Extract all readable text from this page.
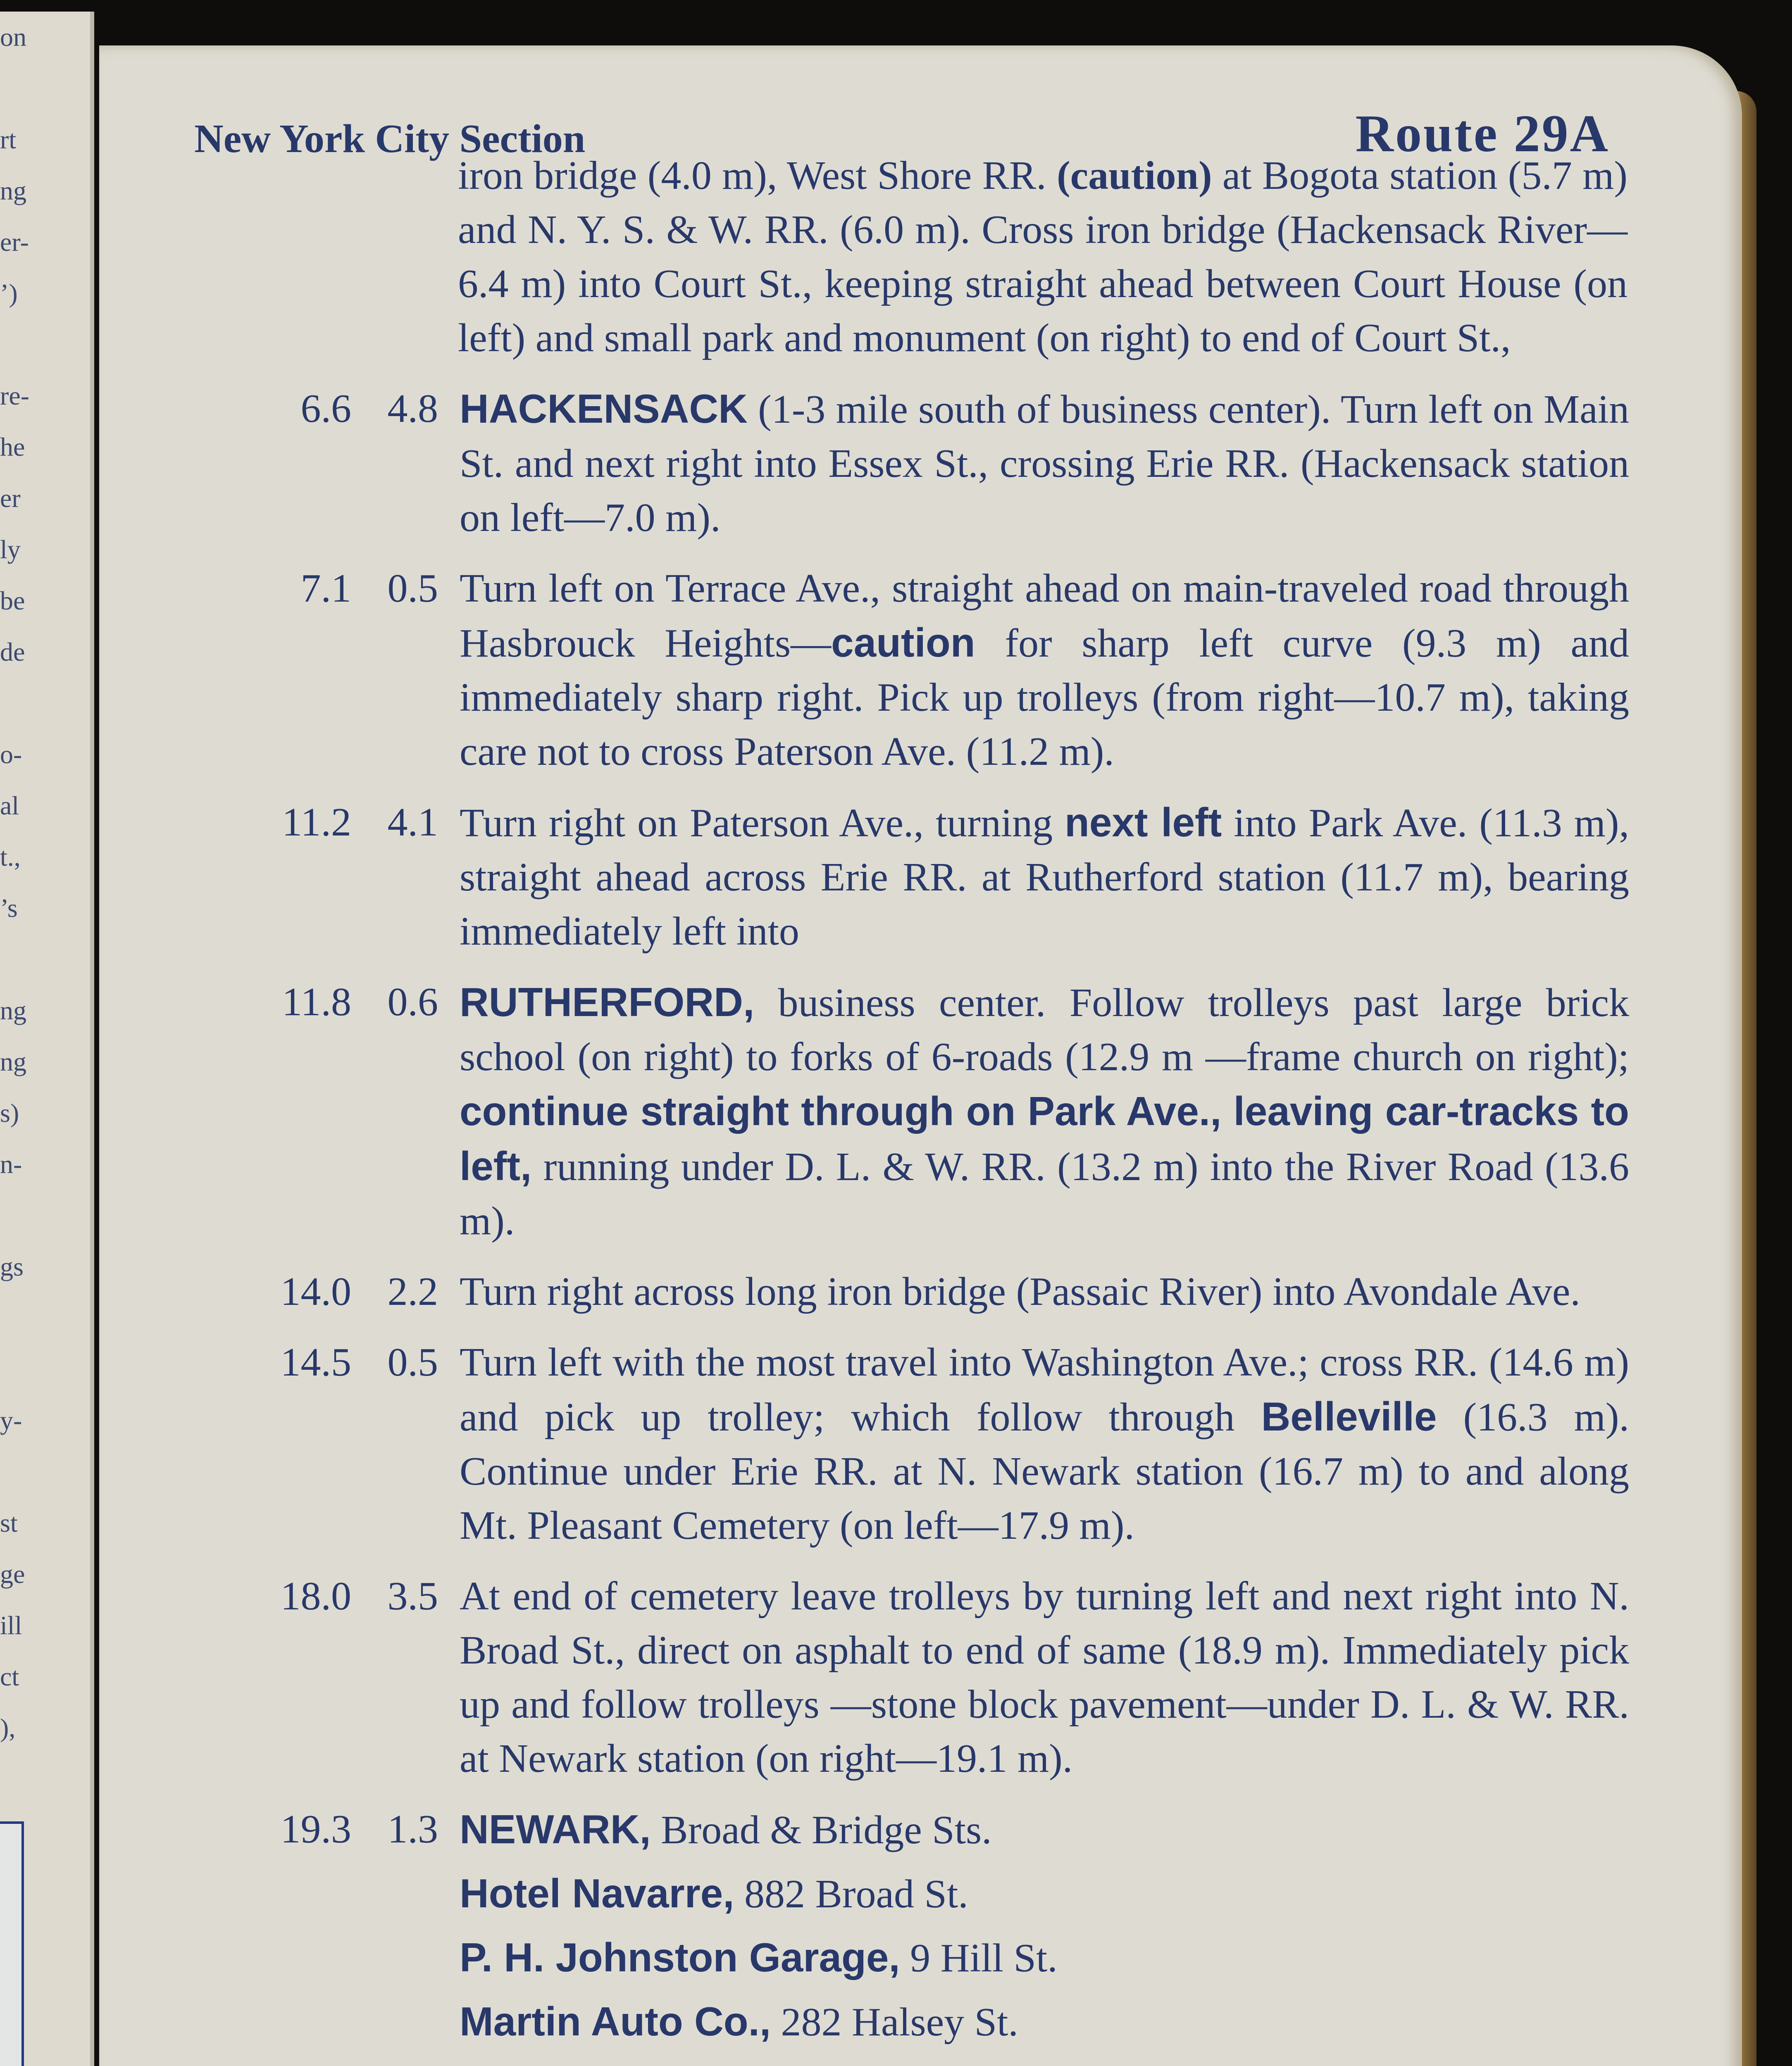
on

rt
ng
er-
’)

re-
he
er
ly
be
de

o-
al
t.,
’s

ng
ng
s)
n-

gs

y-

st
ge
ill
ct
),
New York City Section	Route 29A
iron bridge (4.0 m), West Shore RR. (caution) at Bogota station (5.7 m) and N. Y. S. & W. RR. (6.0 m). Cross iron bridge (Hackensack River—6.4 m) into Court St., keeping straight ahead between Court House (on left) and small park and monument (on right) to end of Court St.,
6.6 4.8 HACKENSACK (1-3 mile south of business center). Turn left on Main St. and next right into Essex St., crossing Erie RR. (Hackensack station on left—7.0 m).
7.1 0.5 Turn left on Terrace Ave., straight ahead on main-traveled road through Hasbrouck Heights—caution for sharp left curve (9.3 m) and immediately sharp right. Pick up trolleys (from right—10.7 m), taking care not to cross Paterson Ave. (11.2 m).
11.2 4.1 Turn right on Paterson Ave., turning next left into Park Ave. (11.3 m), straight ahead across Erie RR. at Rutherford station (11.7 m), bearing immediately left into
11.8 0.6 RUTHERFORD, business center. Follow trolleys past large brick school (on right) to forks of 6-roads (12.9 m —frame church on right); continue straight through on Park Ave., leaving car-tracks to left, running under D. L. & W. RR. (13.2 m) into the River Road (13.6 m).
14.0 2.2 Turn right across long iron bridge (Passaic River) into Avondale Ave.
14.5 0.5 Turn left with the most travel into Washington Ave.; cross RR. (14.6 m) and pick up trolley; which follow through Belleville (16.3 m). Continue under Erie RR. at N. Newark station (16.7 m) to and along Mt. Pleasant Cemetery (on left—17.9 m).
18.0 3.5 At end of cemetery leave trolleys by turning left and next right into N. Broad St., direct on asphalt to end of same (18.9 m). Immediately pick up and follow trolleys —stone block pavement—under D. L. & W. RR. at Newark station (on right—19.1 m).
19.3 1.3 NEWARK, Broad & Bridge Sts.
Hotel Navarre, 882 Broad St.
P. H. Johnston Garage, 9 Hill St.
Martin Auto Co., 282 Halsey St.
